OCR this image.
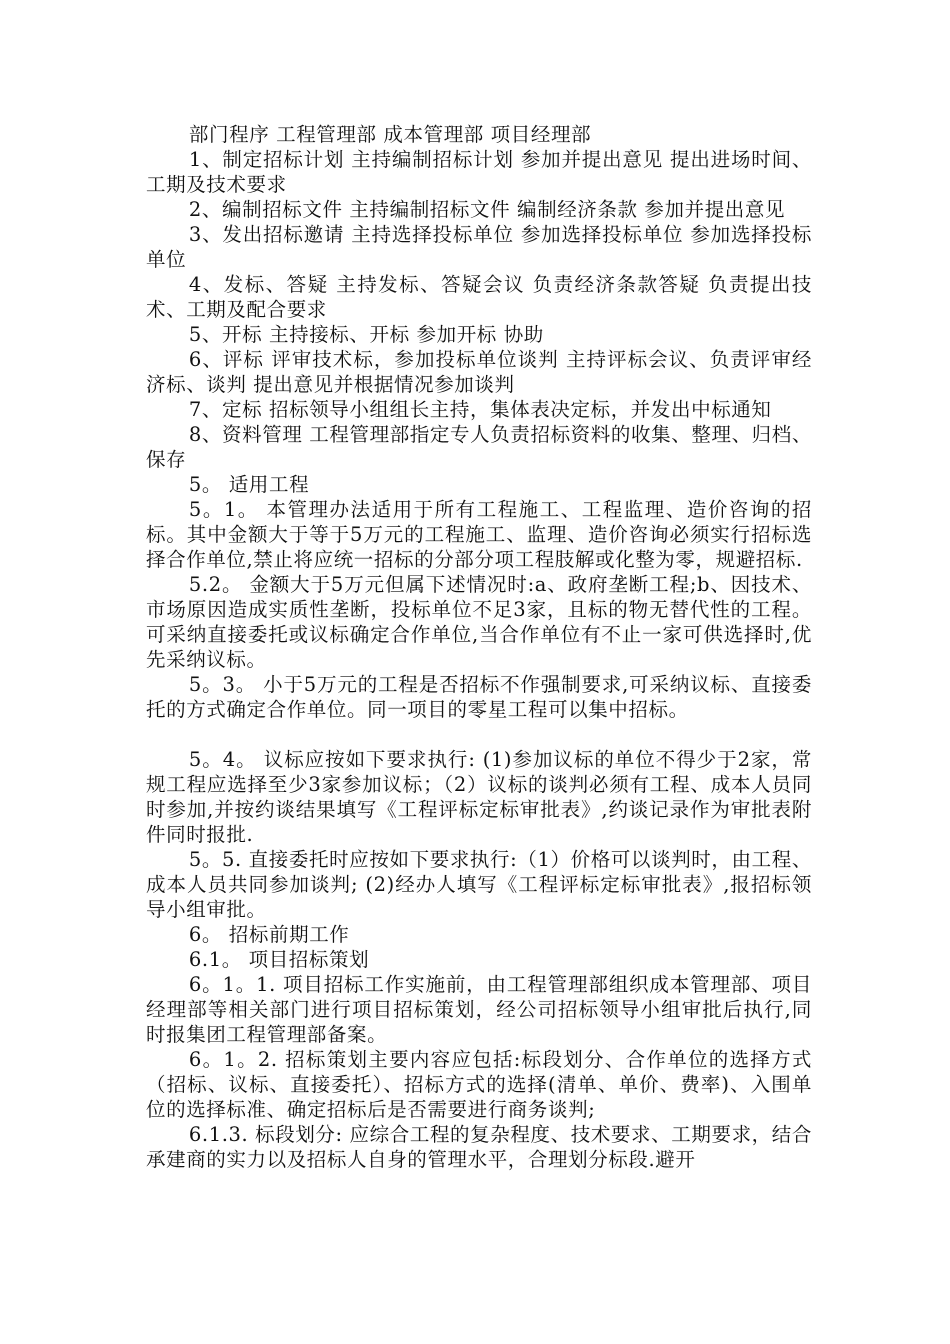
部门程序 工程管理部 成本管理部 项目经理部

1、制定招标计划 主持编制招标计划 参加并提出意见 提出进场时间、工期及技术要求

2、编制招标文件 主持编制招标文件 编制经济条款 参加并提出意见

3、发出招标邀请 主持选择投标单位 参加选择投标单位 参加选择投标单位

4、发标、答疑 主持发标、答疑会议 负责经济条款答疑 负责提出技术、工期及配合要求

5、开标 主持接标、开标 参加开标 协助

6、评标 评审技术标，参加投标单位谈判 主持评标会议、负责评审经济标、谈判 提出意见并根据情况参加谈判

7、定标 招标领导小组组长主持，集体表决定标，并发出中标通知

8、资料管理 工程管理部指定专人负责招标资料的收集、整理、归档、保存

5。 适用工程

5。1。 本管理办法适用于所有工程施工、工程监理、造价咨询的招标。其中金额大于等于5万元的工程施工、监理、造价咨询必须实行招标选择合作单位,禁止将应统一招标的分部分项工程肢解或化整为零，规避招标.

5.2。 金额大于5万元但属下述情况时:a、政府垄断工程;b、因技术、市场原因造成实质性垄断，投标单位不足3家，且标的物无替代性的工程。可采纳直接委托或议标确定合作单位,当合作单位有不止一家可供选择时,优先采纳议标。

5。3。 小于5万元的工程是否招标不作强制要求,可采纳议标、直接委托的方式确定合作单位。同一项目的零星工程可以集中招标。

5。4。 议标应按如下要求执行: (1)参加议标的单位不得少于2家，常规工程应选择至少3家参加议标；（2）议标的谈判必须有工程、成本人员同时参加,并按约谈结果填写《工程评标定标审批表》,约谈记录作为审批表附件同时报批.

5。5. 直接委托时应按如下要求执行:（1）价格可以谈判时，由工程、成本人员共同参加谈判; (2)经办人填写《工程评标定标审批表》,报招标领导小组审批。

6。 招标前期工作

6.1。 项目招标策划

6。1。1. 项目招标工作实施前，由工程管理部组织成本管理部、项目经理部等相关部门进行项目招标策划，经公司招标领导小组审批后执行,同时报集团工程管理部备案。

6。1。2. 招标策划主要内容应包括:标段划分、合作单位的选择方式（招标、议标、直接委托）、招标方式的选择(清单、单价、费率)、入围单位的选择标准、确定招标后是否需要进行商务谈判;

6.1.3. 标段划分: 应综合工程的复杂程度、技术要求、工期要求，结合承建商的实力以及招标人自身的管理水平，合理划分标段.避开
